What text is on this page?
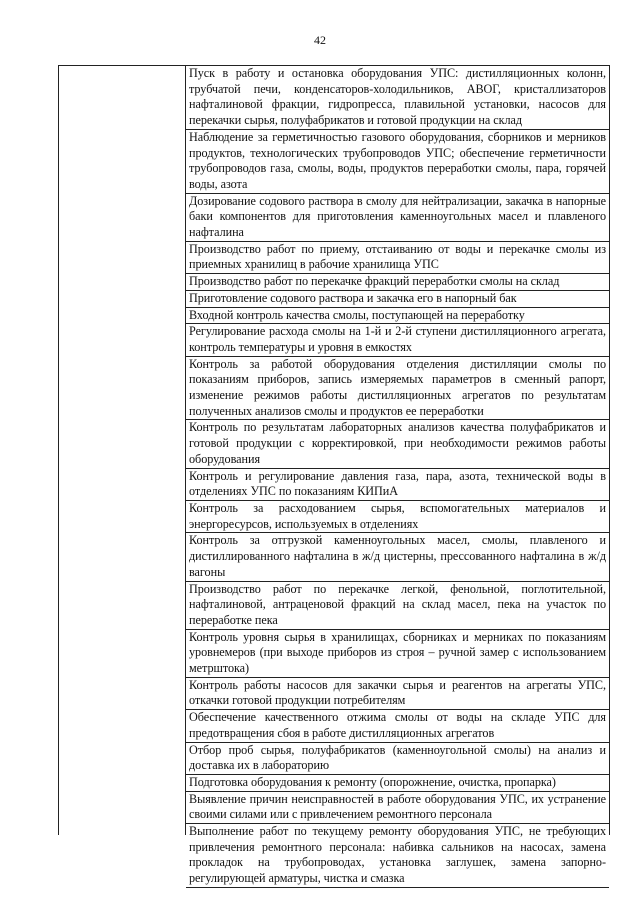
42
Пуск в работу и остановка оборудования УПС: дистилляционных колонн, трубчатой печи, конденсаторов-холодильников, АВОГ, кристаллизаторов нафталиновой фракции, гидропресса, плавильной установки, насосов для перекачки сырья, полуфабрикатов и готовой продукции на склад
Наблюдение за герметичностью газового оборудования, сборников и мерников продуктов, технологических трубопроводов УПС; обеспечение герметичности трубопроводов газа, смолы, воды, продуктов переработки смолы, пара, горячей воды, азота
Дозирование содового раствора в смолу для нейтрализации, закачка в напорные баки компонентов для приготовления каменноугольных масел и плавленого нафталина
Производство работ по приему, отстаиванию от воды и перекачке смолы из приемных хранилищ в рабочие хранилища УПС
Производство работ по перекачке фракций переработки смолы на склад
Приготовление содового раствора и закачка его в напорный бак
Входной контроль качества смолы, поступающей на переработку
Регулирование расхода смолы на 1-й и 2-й ступени дистилляционного агрегата, контроль температуры и уровня в емкостях
Контроль за работой оборудования отделения дистилляции смолы по показаниям приборов, запись измеряемых параметров в сменный рапорт, изменение режимов работы дистилляционных агрегатов по результатам полученных анализов смолы и продуктов ее переработки
Контроль по результатам лабораторных анализов качества полуфабрикатов и готовой продукции с корректировкой, при необходимости режимов работы оборудования
Контроль и регулирование давления газа, пара, азота, технической воды в отделениях УПС по показаниям КИПиА
Контроль за расходованием сырья, вспомогательных материалов и энергоресурсов, используемых в отделениях
Контроль за отгрузкой каменноугольных масел, смолы, плавленого и дистиллированного нафталина в ж/д цистерны, прессованного нафталина в ж/д вагоны
Производство работ по перекачке легкой, фенольной, поглотительной, нафталиновой, антраценовой фракций на склад масел, пека на участок по переработке пека
Контроль уровня сырья в хранилищах, сборниках и мерниках по показаниям уровнемеров (при выходе приборов из строя – ручной замер с использованием метрштока)
Контроль работы насосов для закачки сырья и реагентов на агрегаты УПС, откачки готовой продукции потребителям
Обеспечение качественного отжима смолы от воды на складе УПС для предотвращения сбоя в работе дистилляционных агрегатов
Отбор проб сырья, полуфабрикатов (каменноугольной смолы) на анализ и доставка их в лабораторию
Подготовка оборудования к ремонту (опорожнение, очистка, пропарка)
Выявление причин неисправностей в работе оборудования УПС, их устранение своими силами или с привлечением ремонтного персонала
Выполнение работ по текущему ремонту оборудования УПС, не требующих привлечения ремонтного персонала: набивка сальников на насосах, замена прокладок на трубопроводах, установка заглушек, замена запорно-регулирующей арматуры, чистка и смазка
